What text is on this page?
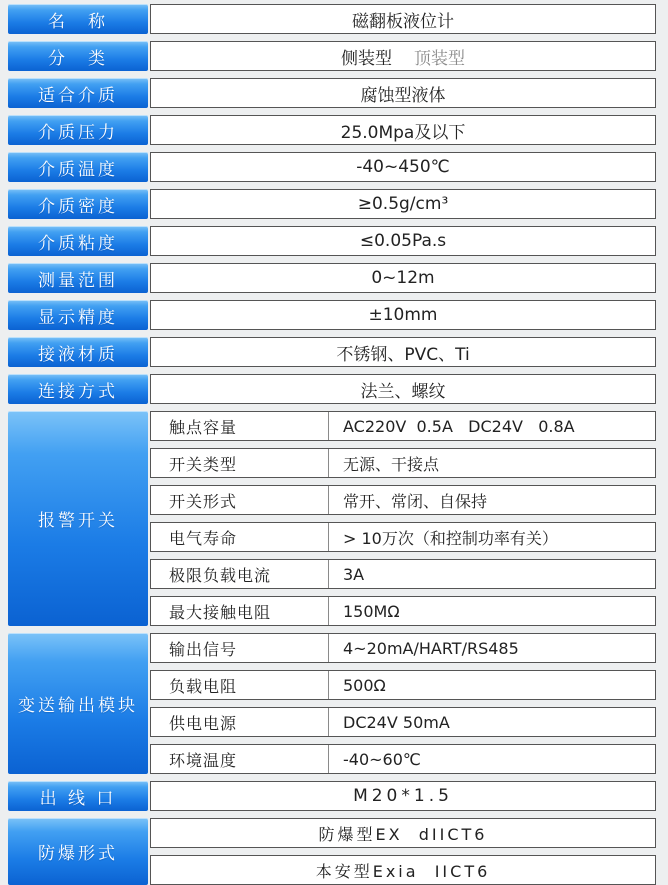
名　称	磁翻板液位计
分　类	侧装型 顶装型
适合介质	腐蚀型液体
介质压力	25.0Mpa及以下
介质温度	-40~450℃
介质密度	≥0.5g/cm³
介质粘度	≤0.05Pa.s
测量范围	0~12m
显示精度	±10mm
接液材质	不锈钢、PVC、Ti
连接方式	法兰、螺纹
报警开关
触点容量	AC220V  0.5A   DC24V   0.8A
开关类型	无源、干接点
开关形式	常开、常闭、自保持
电气寿命	> 10万次（和控制功率有关）
极限负载电流	3A
最大接触电阻	150MΩ
变送输出模块
输出信号	4~20mA/HART/RS485
负载电阻	500Ω
供电电源	DC24V 50mA
环境温度	-40~60℃
出 线 口	M20*1.5
防爆形式
防爆型EX  dIICT6
本安型Exia  IICT6
